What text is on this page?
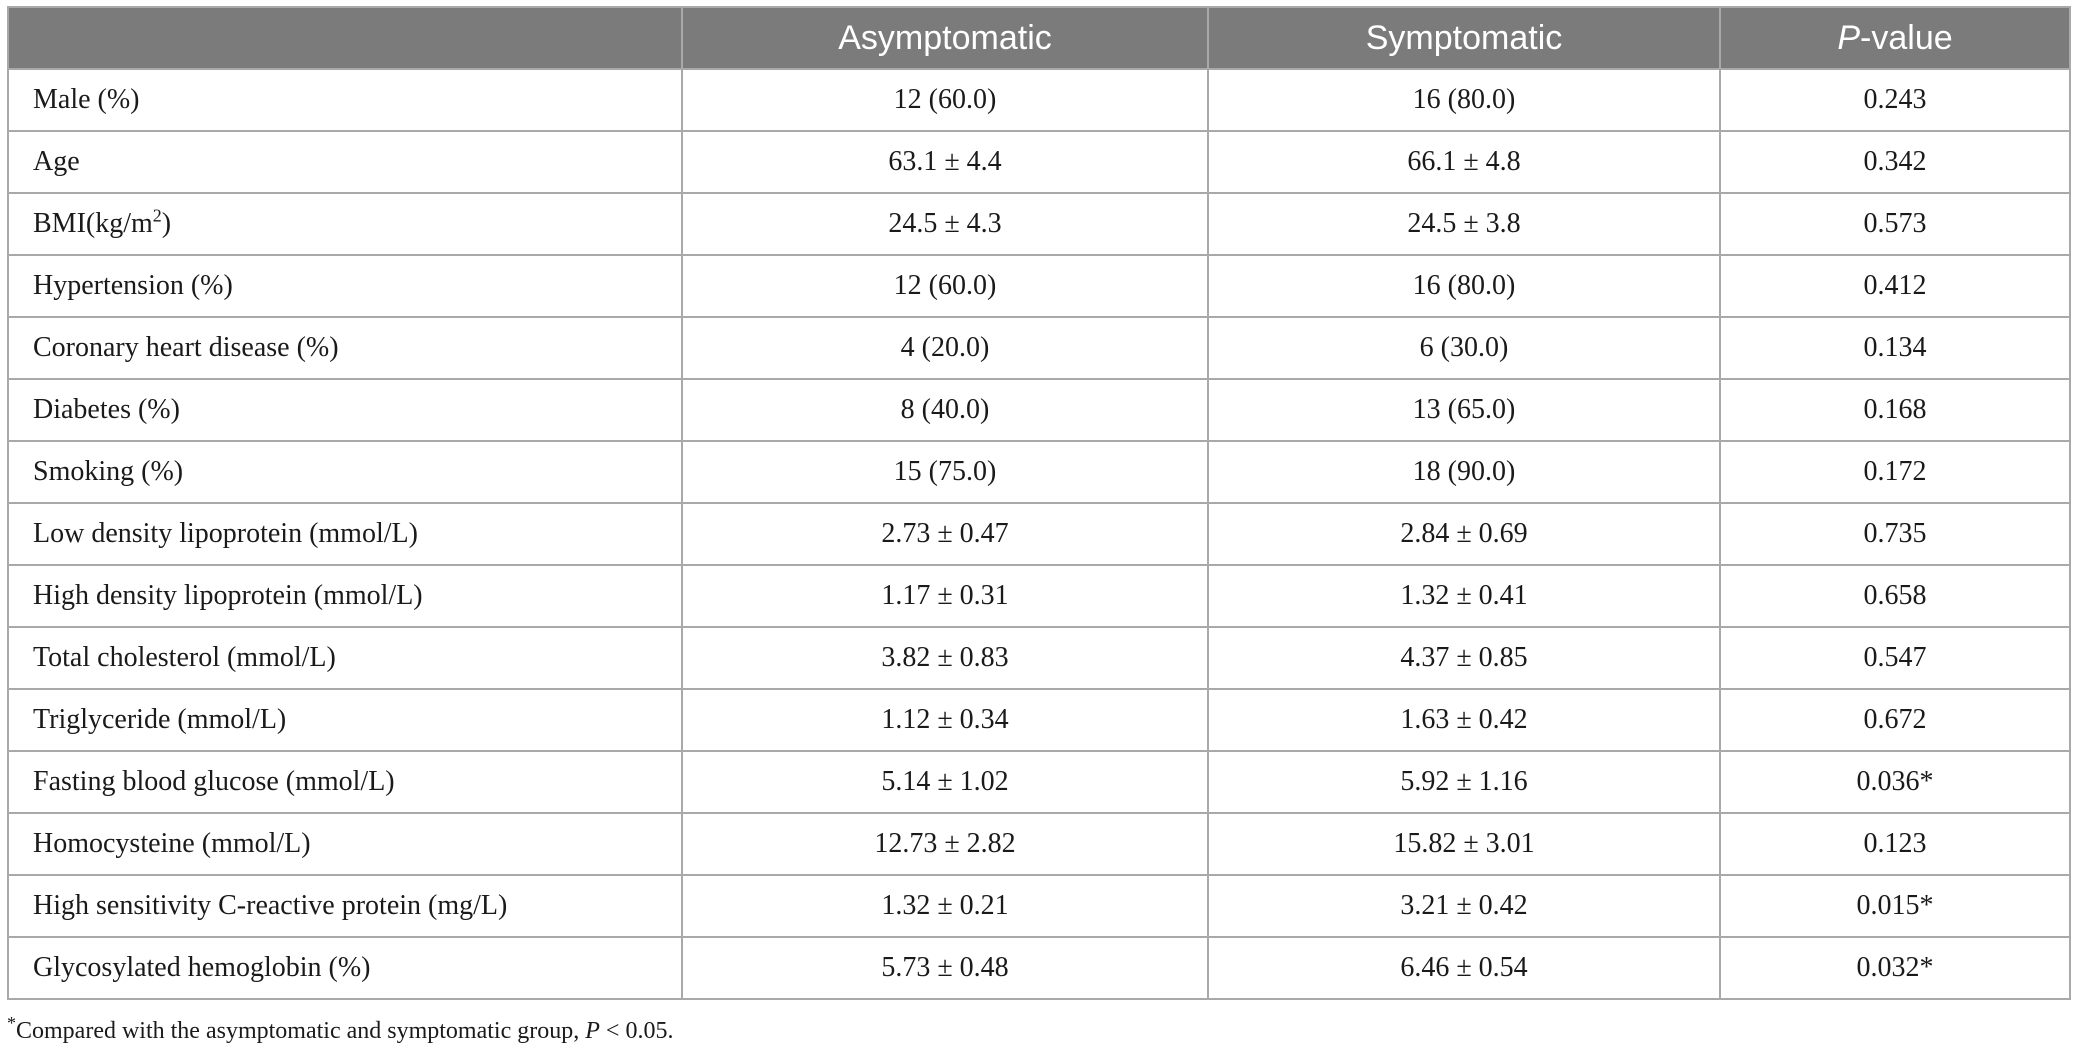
	Asymptomatic	Symptomatic	P-value
Male (%)	12 (60.0)	16 (80.0)	0.243
Age	63.1 ± 4.4	66.1 ± 4.8	0.342
$BMI(kg/m^2)$	24.5 ± 4.3	24.5 ± 3.8	0.573
Hypertension (%)	12 (60.0)	16 (80.0)	0.412
Coronary heart disease (%)	4 (20.0)	6 (30.0)	0.134
Diabetes (%)	8 (40.0)	13 (65.0)	0.168
Smoking (%)	15 (75.0)	18 (90.0)	0.172
Low density lipoprotein (mmol/L)	2.73 ± 0.47	2.84 ± 0.69	0.735
High density lipoprotein (mmol/L)	1.17 ± 0.31	1.32 ± 0.41	0.658
Total cholesterol (mmol/L)	3.82 ± 0.83	4.37 ± 0.85	0.547
Triglyceride (mmol/L)	1.12 ± 0.34	1.63 ± 0.42	0.672
Fasting blood glucose (mmol/L)	5.14 ± 1.02	5.92 ± 1.16	0.036*
Homocysteine (mmol/L)	12.73 ± 2.82	15.82 ± 3.01	0.123
High sensitivity C-reactive protein (mg/L)	1.32 ± 0.21	3.21 ± 0.42	0.015*
Glycosylated hemoglobin (%)	5.73 ± 0.48	6.46 ± 0.54	0.032*
*Compared with the asymptomatic and symptomatic group, P < 0.05.
